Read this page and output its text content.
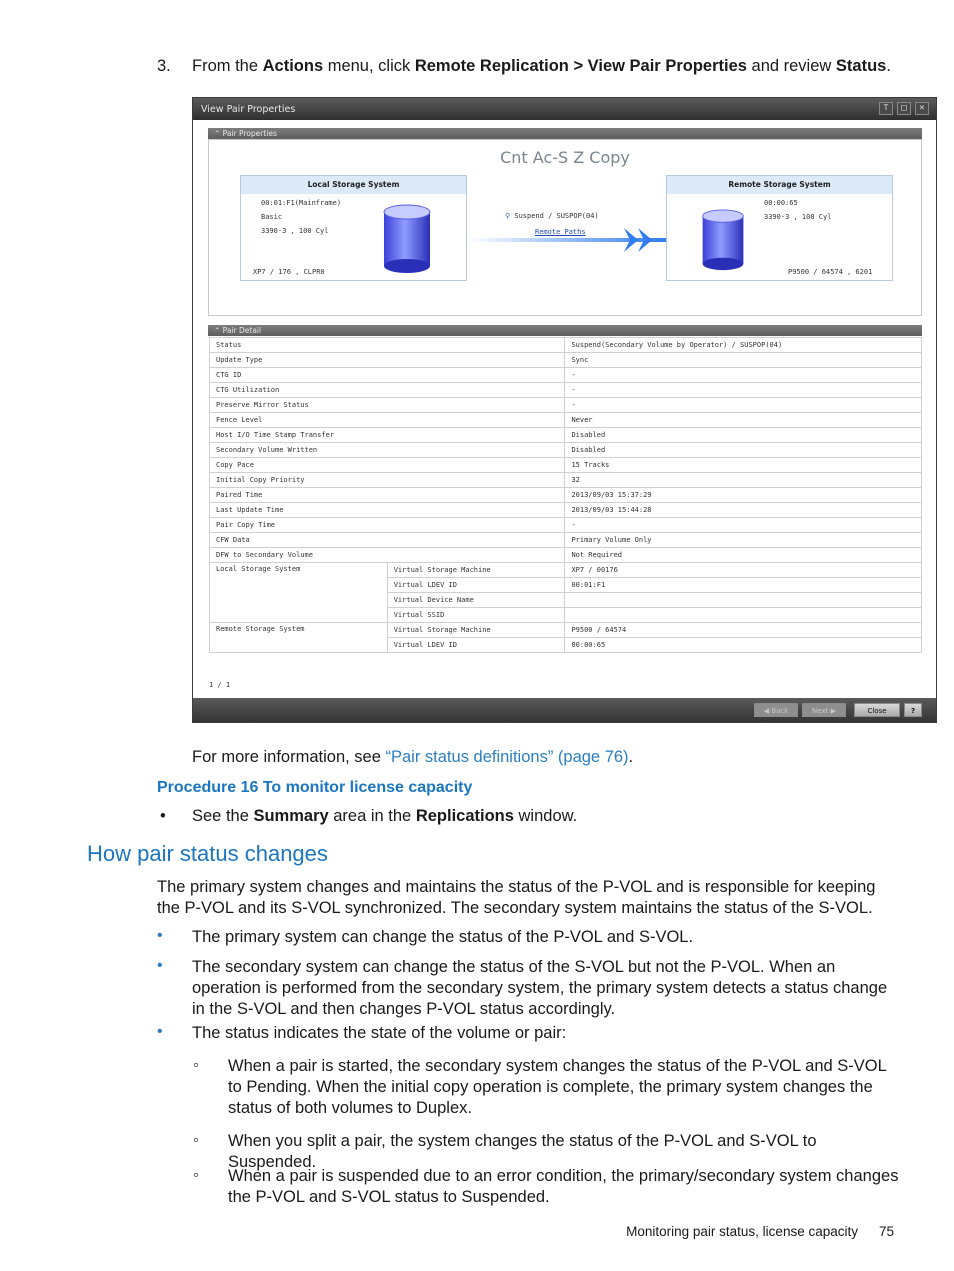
3. From the Actions menu, click Remote Replication > View Pair Properties and review Status.
View Pair Properties	⊤	□	✕
⌃ Pair Properties
Cnt Ac-S Z Copy
Local Storage System
00:01:F1(Mainframe)
Basic
3390-3 , 100 Cyl
XP7 / 176 , CLPR0
Remote Storage System
00:00:65
3390-3 , 100 Cyl
P9500 / 64574 , 6201
⚲ Suspend / SUSPOP(04)
Remote Paths
⌃ Pair Detail
Status		Suspend(Secondary Volume by Operator) / SUSPOP(04)
Update Type		Sync
CTG ID		-
CTG Utilization		-
Preserve Mirror Status		-
Fence Level		Never
Host I/O Time Stamp Transfer		Disabled
Secondary Volume Written		Disabled
Copy Pace		15 Tracks
Initial Copy Priority		32
Paired Time		2013/09/03 15:37:29
Last Update Time		2013/09/03 15:44:28
Pair Copy Time		-
CFW Data		Primary Volume Only
DFW to Secondary Volume		Not Required
Local Storage System	Virtual Storage Machine	XP7 / 00176
	Virtual LDEV ID	00:01:F1
	Virtual Device Name	
	Virtual SSID	
Remote Storage System	Virtual Storage Machine	P9500 / 64574
	Virtual LDEV ID	00:00:65
1 / 1
◀ Back	Next ▶	Close	?
For more information, see “Pair status definitions” (page 76).
Procedure 16 To monitor license capacity
• See the Summary area in the Replications window.
How pair status changes
The primary system changes and maintains the status of the P-VOL and is responsible for keeping the P-VOL and its S-VOL synchronized. The secondary system maintains the status of the S-VOL.
• The primary system can change the status of the P-VOL and S-VOL.
• The secondary system can change the status of the S-VOL but not the P-VOL. When an operation is performed from the secondary system, the primary system detects a status change in the S-VOL and then changes P-VOL status accordingly.
• The status indicates the state of the volume or pair:
◦ When a pair is started, the secondary system changes the status of the P-VOL and S-VOL to Pending. When the initial copy operation is complete, the primary system changes the status of both volumes to Duplex.
◦ When you split a pair, the system changes the status of the P-VOL and S-VOL to Suspended.
◦ When a pair is suspended due to an error condition, the primary/secondary system changes the P-VOL and S-VOL status to Suspended.
Monitoring pair status, license capacity 75
